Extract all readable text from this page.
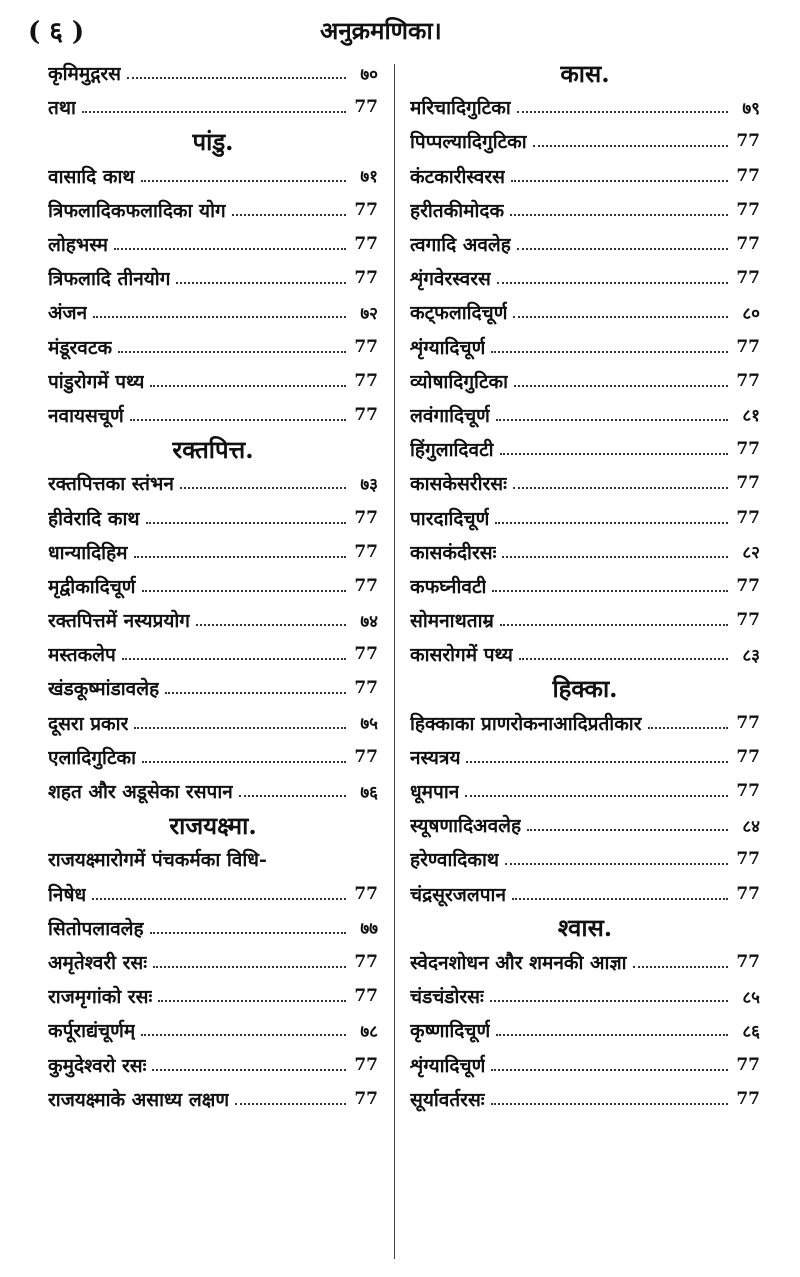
( ६ )	अनुक्रमणिका।
कृमिमुद्गरस	७०
तथा	77
पांडु.
वासादि काथ	७१
त्रिफलादिकफलादिका योग	77
लोहभस्म	77
त्रिफलादि तीनयोग	77
अंजन	७२
मंडूरवटक	77
पांडुरोगमें पथ्य	77
नवायसचूर्ण	77
रक्तपित्त.
रक्तपित्तका स्तंभन	७३
हीवेरादि काथ	77
धान्यादिहिम	77
मृद्वीकादिचूर्ण	77
रक्तपित्तमें नस्यप्रयोग	७४
मस्तकलेप	77
खंडकूष्मांडावलेह	77
दूसरा प्रकार	७५
एलादिगुटिका	77
शहत और अडूसेका रसपान	७६
राजयक्ष्मा.
राजयक्ष्मारोगमें पंचकर्मका विधि-
निषेध	77
सितोपलावलेह	७७
अमृतेश्वरी रसः	77
राजमृगांको रसः	77
कर्पूराद्यंचूर्णम्	७८
कुमुदेश्वरो रसः	77
राजयक्ष्माके असाध्य लक्षण	77
कास.
मरिचादिगुटिका	७९
पिप्पल्यादिगुटिका	77
कंटकारीस्वरस	77
हरीतकीमोदक	77
त्वगादि अवलेह	77
शृंगवेरस्वरस	77
कट्फलादिचूर्ण	८०
शृंग्यादिचूर्ण	77
व्योषादिगुटिका	77
लवंगादिचूर्ण	८१
हिंगुलादिवटी	77
कासकेसरीरसः	77
पारदादिचूर्ण	77
कासकंदीरसः	८२
कफघ्नीवटी	77
सोमनाथताम्र	77
कासरोगमें पथ्य	८३
हिक्का.
हिक्काका प्राणरोकनाआदिप्रतीकार	77
नस्यत्रय	77
धूमपान	77
स्यूषणादिअवलेह	८४
हरेण्वादिकाथ	77
चंद्रसूरजलपान	77
श्वास.
स्वेदनशोधन और शमनकी आज्ञा	77
चंडचंडोरसः	८५
कृष्णादिचूर्ण	८६
शृंग्यादिचूर्ण	77
सूर्यावर्तरसः	77
